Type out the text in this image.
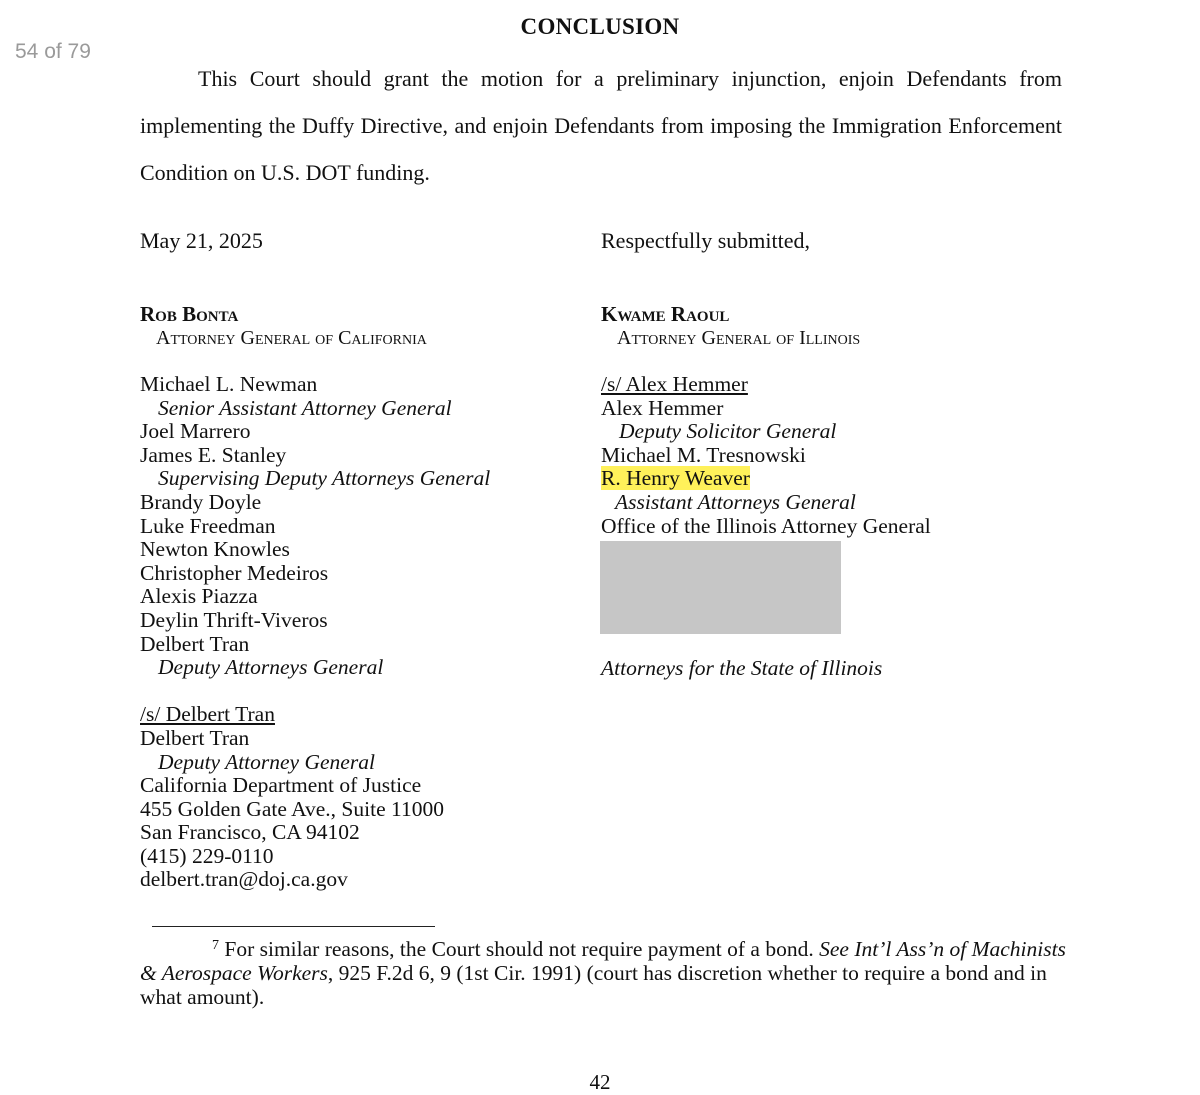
54 of 79
CONCLUSION

This Court should grant the motion for a preliminary injunction, enjoin Defendants from implementing the Duffy Directive, and enjoin Defendants from imposing the Immigration Enforcement Condition on U.S. DOT funding.

May 21, 2025	Respectfully submitted,
Rob Bonta
Attorney General of California
Michael L. Newman
Senior Assistant Attorney General
Joel Marrero
James E. Stanley
Supervising Deputy Attorneys General
Brandy Doyle
Luke Freedman
Newton Knowles
Christopher Medeiros
Alexis Piazza
Deylin Thrift-Viveros
Delbert Tran
Deputy Attorneys General
/s/ Delbert Tran
Delbert Tran
Deputy Attorney General
California Department of Justice
455 Golden Gate Ave., Suite 11000
San Francisco, CA 94102
(415) 229-0110
delbert.tran@doj.ca.gov
Kwame Raoul
Attorney General of Illinois
/s/ Alex Hemmer
Alex Hemmer
Deputy Solicitor General
Michael M. Tresnowski
R. Henry Weaver
Assistant Attorneys General
Office of the Illinois Attorney General
Attorneys for the State of Illinois

$^7$ For similar reasons, the Court should not require payment of a bond. See Int’l Ass’n of Machinists & Aerospace Workers, 925 F.2d 6, 9 (1st Cir. 1991) (court has discretion whether to require a bond and in what amount).

42
